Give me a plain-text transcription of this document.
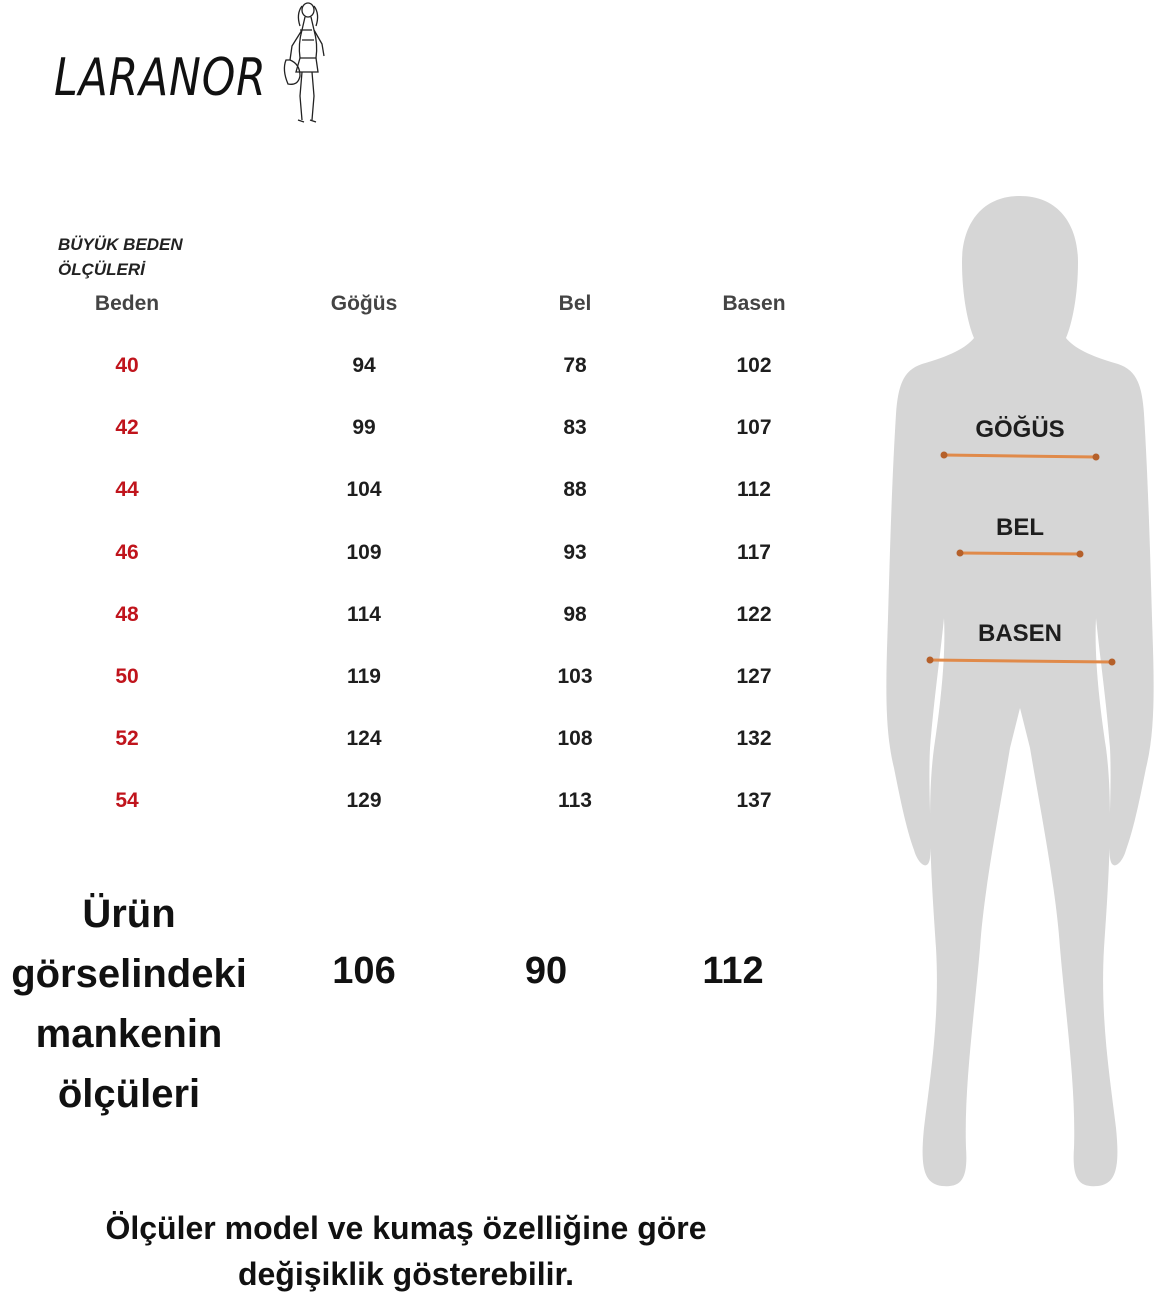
LARANOR
BÜYÜK BEDEN
ÖLÇÜLERİ
Beden	Göğüs	Bel	Basen
40	94	78	102
42	99	83	107
44	104	88	112
46	109	93	117
48	114	98	122
50	119	103	127
52	124	108	132
54	129	113	137
Ürün
görselindeki
mankenin
ölçüleri
106	90	112
Ölçüler model ve kumaş özelliğine göre
değişiklik gösterebilir.
GÖĞÜS
BEL
BASEN
